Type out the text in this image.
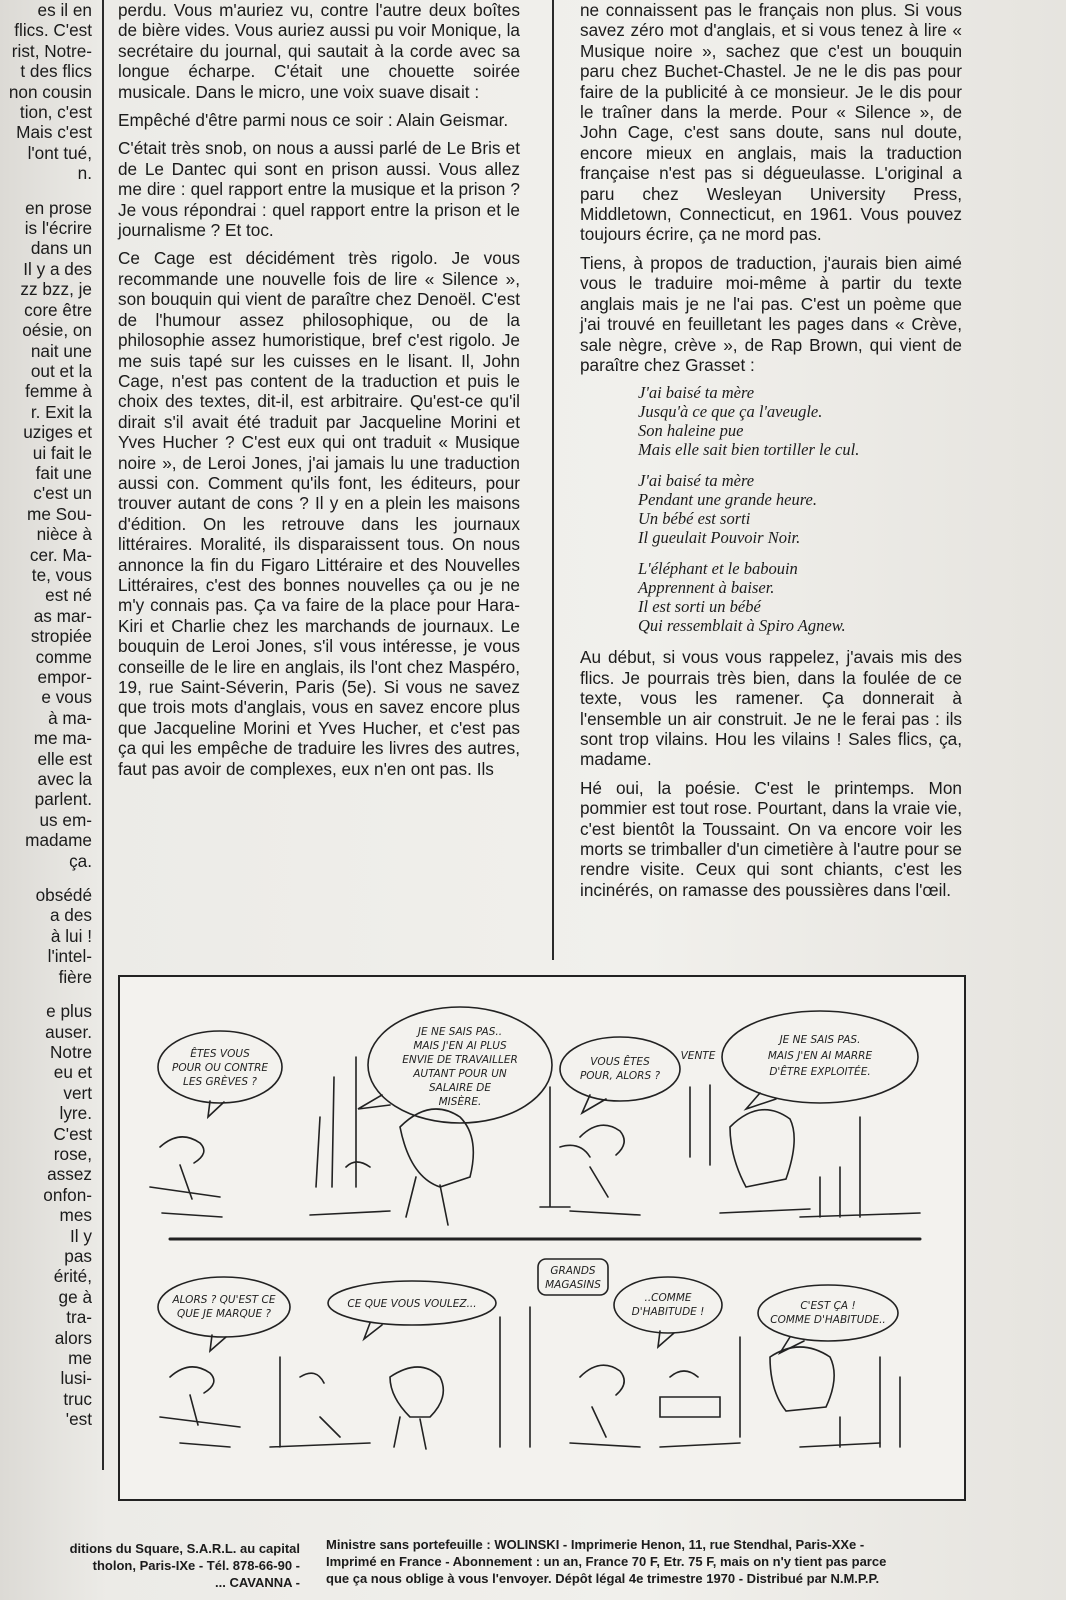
es il en
flics. C'est
rist, Notre-
t des flics
non cousin
tion, c'est
Mais c'est
l'ont tué,
n.
en prose
is l'écrire
dans un
Il y a des
zz bzz, je
core être
oésie, on
nait une
out et la
femme à
r. Exit la
uziges et
ui fait le
fait une
c'est un
me Sou-
nièce à
cer. Ma-
te, vous
est né
as mar-
stropiée
comme
empor-
e vous
à ma-
me ma-
elle est
avec la
parlent.
us em-
madame
ça.
obsédé
a des
à lui !
l'intel-
fière
e plus
auser.
Notre
eu et
vert
lyre.
C'est
rose,
assez
onfon-
mes
Il y
pas
érité,
ge à
tra-
alors
me
lusi-
truc
'est

perdu. Vous m'auriez vu, contre l'autre deux boîtes de bière vides. Vous auriez aussi pu voir Monique, la secrétaire du journal, qui sautait à la corde avec sa longue écharpe. C'était une chouette soirée musicale. Dans le micro, une voix suave disait :

Empêché d'être parmi nous ce soir : Alain Geismar.

C'était très snob, on nous a aussi parlé de Le Bris et de Le Dantec qui sont en prison aussi. Vous allez me dire : quel rapport entre la musique et la prison ? Je vous répondrai : quel rapport entre la prison et le journalisme ? Et toc.

Ce Cage est décidément très rigolo. Je vous recommande une nouvelle fois de lire « Silence », son bouquin qui vient de paraître chez Denoël. C'est de l'humour assez philosophique, ou de la philosophie assez humoristique, bref c'est rigolo. Je me suis tapé sur les cuisses en le lisant. Il, John Cage, n'est pas content de la traduction et puis le choix des textes, dit-il, est arbitraire. Qu'est-ce qu'il dirait s'il avait été traduit par Jacqueline Morini et Yves Hucher ? C'est eux qui ont traduit « Musique noire », de Leroi Jones, j'ai jamais lu une traduction aussi con. Comment qu'ils font, les éditeurs, pour trouver autant de cons ? Il y en a plein les maisons d'édition. On les retrouve dans les journaux littéraires. Moralité, ils disparaissent tous. On nous annonce la fin du Figaro Littéraire et des Nouvelles Littéraires, c'est des bonnes nouvelles ça ou je ne m'y connais pas. Ça va faire de la place pour Hara-Kiri et Charlie chez les marchands de journaux. Le bouquin de Leroi Jones, s'il vous intéresse, je vous conseille de le lire en anglais, ils l'ont chez Maspéro, 19, rue Saint-Séverin, Paris (5e). Si vous ne savez que trois mots d'anglais, vous en savez encore plus que Jacqueline Morini et Yves Hucher, et c'est pas ça qui les empêche de traduire les livres des autres, faut pas avoir de complexes, eux n'en ont pas. Ils

ne connaissent pas le français non plus. Si vous savez zéro mot d'anglais, et si vous tenez à lire « Musique noire », sachez que c'est un bouquin paru chez Buchet-Chastel. Je ne le dis pas pour faire de la publicité à ce monsieur. Je le dis pour le traîner dans la merde. Pour « Silence », de John Cage, c'est sans doute, sans nul doute, encore mieux en anglais, mais la traduction française n'est pas si dégueulasse. L'original a paru chez Wesleyan University Press, Middletown, Connecticut, en 1961. Vous pouvez toujours écrire, ça ne mord pas.

Tiens, à propos de traduction, j'aurais bien aimé vous le traduire moi-même à partir du texte anglais mais je ne l'ai pas. C'est un poème que j'ai trouvé en feuilletant les pages dans « Crève, sale nègre, crève », de Rap Brown, qui vient de paraître chez Grasset :

J'ai baisé ta mère
Jusqu'à ce que ça l'aveugle.
Son haleine pue
Mais elle sait bien tortiller le cul.
J'ai baisé ta mère
Pendant une grande heure.
Un bébé est sorti
Il gueulait Pouvoir Noir.
L'éléphant et le babouin
Apprennent à baiser.
Il est sorti un bébé
Qui ressemblait à Spiro Agnew.

Au début, si vous vous rappelez, j'avais mis des flics. Je pourrais très bien, dans la foulée de ce texte, vous les ramener. Ça donnerait à l'ensemble un air construit. Je ne le ferai pas : ils sont trop vilains. Hou les vilains ! Sales flics, ça, madame.

Hé oui, la poésie. C'est le printemps. Mon pommier est tout rose. Pourtant, dans la vraie vie, c'est bientôt la Toussaint. On va encore voir les morts se trimballer d'un cimetière à l'autre pour se rendre visite. Ceux qui sont chiants, c'est les incinérés, on ramasse des poussières dans l'œil.

ÊTES VOUS
POUR OU CONTRE
LES GRÈVES ?
JE NE SAIS PAS..
MAIS J'EN AI PLUS
ENVIE DE TRAVAILLER
AUTANT POUR UN
SALAIRE DE
MISÈRE.
VOUS ÊTES
POUR, ALORS ?
JE NE SAIS PAS.
MAIS J'EN AI MARRE
D'ÊTRE EXPLOITÉE.
VENTE
ALORS ? QU'EST CE
QUE JE MARQUE ?
CE QUE VOUS VOULEZ...
GRANDS
MAGASINS
..COMME
D'HABITUDE !	C'EST ÇA !
COMME D'HABITUDE..
ditions du Square, S.A.R.L. au capital
tholon, Paris-IXe - Tél. 878-66-90 -
... CAVANNA -
Ministre sans portefeuille : WOLINSKI - Imprimerie Henon, 11, rue Stendhal, Paris-XXe -
Imprimé en France - Abonnement : un an, France 70 F, Etr. 75 F, mais on n'y tient pas parce
que ça nous oblige à vous l'envoyer. Dépôt légal 4e trimestre 1970 - Distribué par N.M.P.P.
